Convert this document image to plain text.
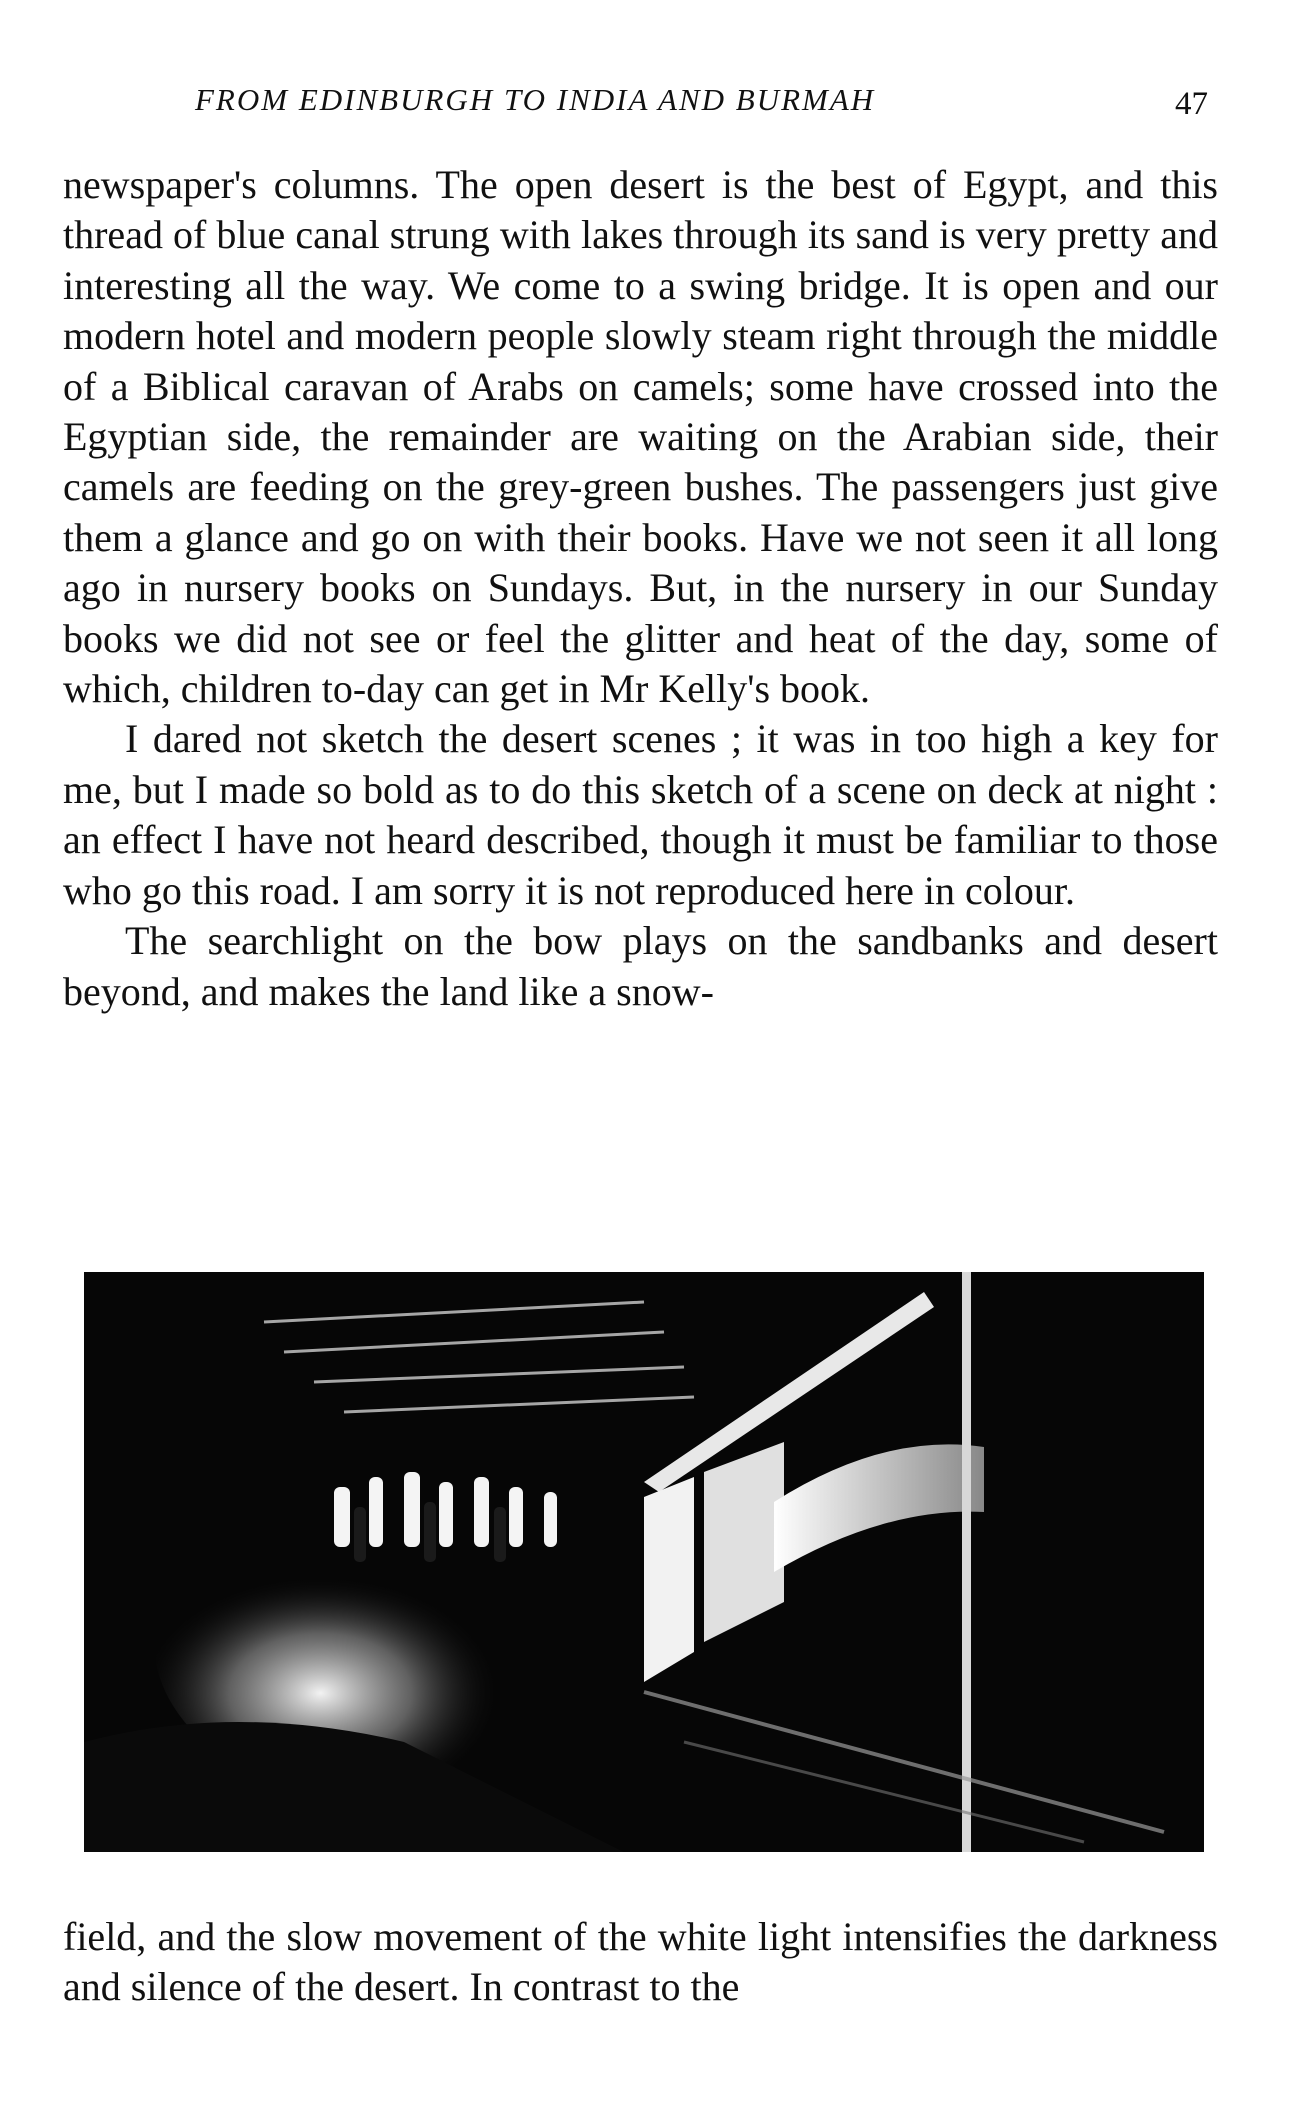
FROM EDINBURGH TO INDIA AND BURMAH	47

newspaper's columns. The open desert is the best of Egypt, and this thread of blue canal strung with lakes through its sand is very pretty and interesting all the way. We come to a swing bridge. It is open and our modern hotel and modern people slowly steam right through the middle of a Biblical caravan of Arabs on camels; some have crossed into the Egyptian side, the remainder are waiting on the Arabian side, their camels are feeding on the grey-green bushes. The passengers just give them a glance and go on with their books. Have we not seen it all long ago in nursery books on Sundays. But, in the nursery in our Sunday books we did not see or feel the glitter and heat of the day, some of which, children to-day can get in Mr Kelly's book.

I dared not sketch the desert scenes ; it was in too high a key for me, but I made so bold as to do this sketch of a scene on deck at night : an effect I have not heard described, though it must be familiar to those who go this road. I am sorry it is not reproduced here in colour.

The searchlight on the bow plays on the sandbanks and desert beyond, and makes the land like a snow-

field, and the slow movement of the white light intensifies the darkness and silence of the desert. In contrast to the
